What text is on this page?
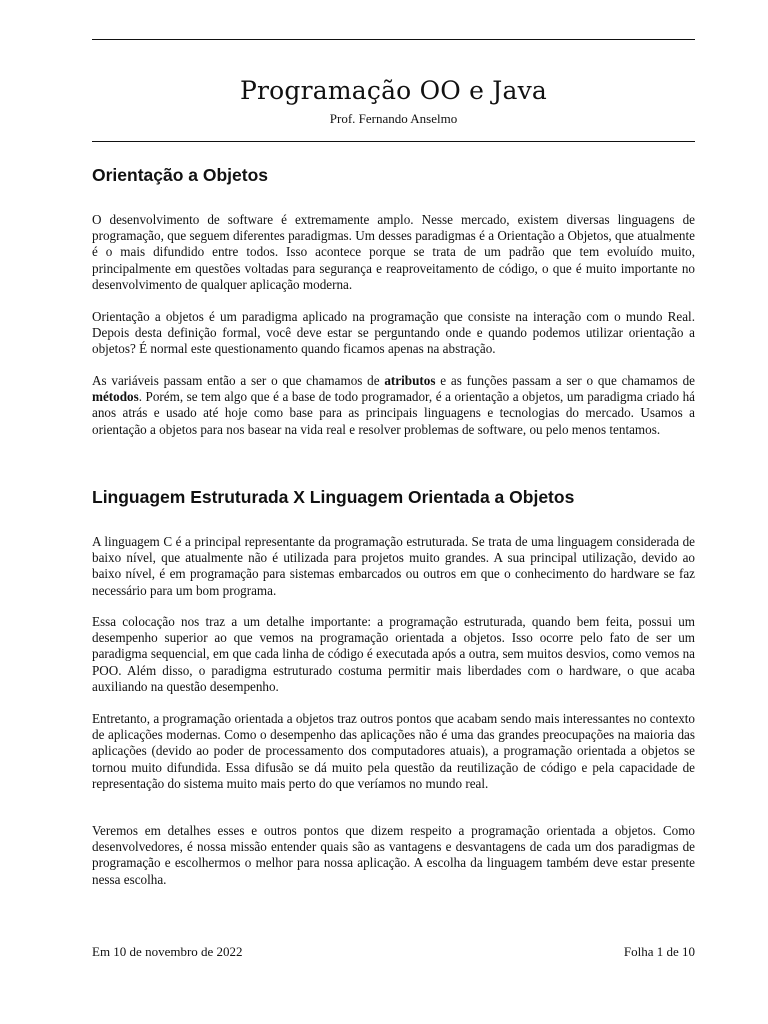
Programação OO e Java
Prof. Fernando Anselmo
Orientação a Objetos

O desenvolvimento de software é extremamente amplo. Nesse mercado, existem diversas linguagens de programação, que seguem diferentes paradigmas. Um desses paradigmas é a Orientação a Objetos, que atualmente é o mais difundido entre todos. Isso acontece porque se trata de um padrão que tem evoluído muito, principalmente em questões voltadas para segurança e reaproveitamento de código, o que é muito importante no desenvolvimento de qualquer aplicação moderna.

Orientação a objetos é um paradigma aplicado na programação que consiste na interação com o mundo Real. Depois desta definição formal, você deve estar se perguntando onde e quando podemos utilizar orientação a objetos? É normal este questionamento quando ficamos apenas na abstração.

As variáveis passam então a ser o que chamamos de atributos e as funções passam a ser o que chamamos de métodos. Porém, se tem algo que é a base de todo programador, é a orientação a objetos, um paradigma criado há anos atrás e usado até hoje como base para as principais linguagens e tecnologias do mercado. Usamos a orientação a objetos para nos basear na vida real e resolver problemas de software, ou pelo menos tentamos.

Linguagem Estruturada X Linguagem Orientada a Objetos

A linguagem C é a principal representante da programação estruturada. Se trata de uma linguagem considerada de baixo nível, que atualmente não é utilizada para projetos muito grandes. A sua principal utilização, devido ao baixo nível, é em programação para sistemas embarcados ou outros em que o conhecimento do hardware se faz necessário para um bom programa.

Essa colocação nos traz a um detalhe importante: a programação estruturada, quando bem feita, possui um desempenho superior ao que vemos na programação orientada a objetos. Isso ocorre pelo fato de ser um paradigma sequencial, em que cada linha de código é executada após a outra, sem muitos desvios, como vemos na POO. Além disso, o paradigma estruturado costuma permitir mais liberdades com o hardware, o que acaba auxiliando na questão desempenho.

Entretanto, a programação orientada a objetos traz outros pontos que acabam sendo mais interessantes no contexto de aplicações modernas. Como o desempenho das aplicações não é uma das grandes preocupações na maioria das aplicações (devido ao poder de processamento dos computadores atuais), a programação orientada a objetos se tornou muito difundida. Essa difusão se dá muito pela questão da reutilização de código e pela capacidade de representação do sistema muito mais perto do que veríamos no mundo real.

Veremos em detalhes esses e outros pontos que dizem respeito a programação orientada a objetos. Como desenvolvedores, é nossa missão entender quais são as vantagens e desvantagens de cada um dos paradigmas de programação e escolhermos o melhor para nossa aplicação. A escolha da linguagem também deve estar presente nessa escolha.

Em 10 de novembro de 2022	Folha 1 de 10
